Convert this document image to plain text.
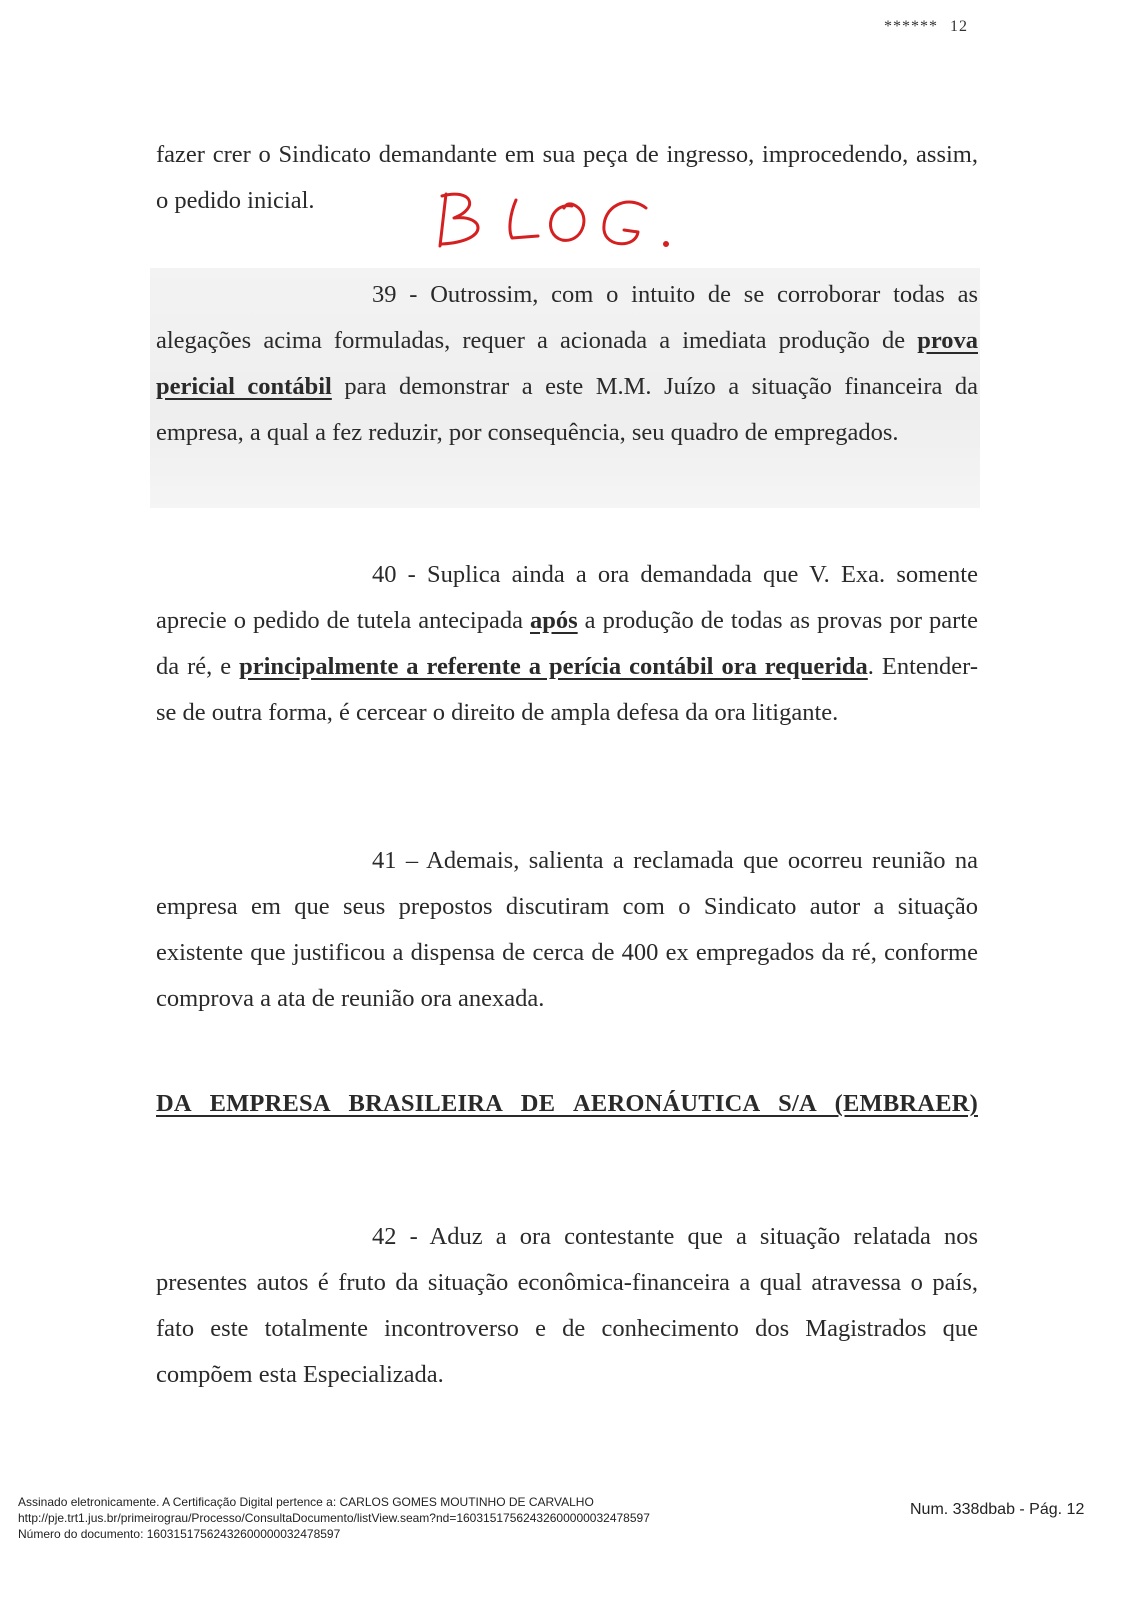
****** 12
fazer crer o Sindicato demandante em sua peça de ingresso, improcedendo, assim, o pedido inicial.
39 - Outrossim, com o intuito de se corroborar todas as alegações acima formuladas, requer a acionada a imediata produção de prova pericial contábil para demonstrar a este M.M. Juízo a situação financeira da empresa, a qual a fez reduzir, por consequência, seu quadro de empregados.
40 - Suplica ainda a ora demandada que V. Exa. somente aprecie o pedido de tutela antecipada após a produção de todas as provas por parte da ré, e principalmente a referente a perícia contábil ora requerida. Entender-se de outra forma, é cercear o direito de ampla defesa da ora litigante.
41 – Ademais, salienta a reclamada que ocorreu reunião na empresa em que seus prepostos discutiram com o Sindicato autor a situação existente que justificou a dispensa de cerca de 400 ex empregados da ré, conforme comprova a ata de reunião ora anexada.
DA EMPRESA BRASILEIRA DE AERONÁUTICA S/A (EMBRAER)
42 - Aduz a ora contestante que a situação relatada nos presentes autos é fruto da situação econômica-financeira a qual atravessa o país, fato este totalmente incontroverso e de conhecimento dos Magistrados que compõem esta Especializada.
Assinado eletronicamente. A Certificação Digital pertence a: CARLOS GOMES MOUTINHO DE CARVALHO
http://pje.trt1.jus.br/primeirograu/Processo/ConsultaDocumento/listView.seam?nd=16031517562432600000032478597
Número do documento: 16031517562432600000032478597
Num. 338dbab - Pág. 12
